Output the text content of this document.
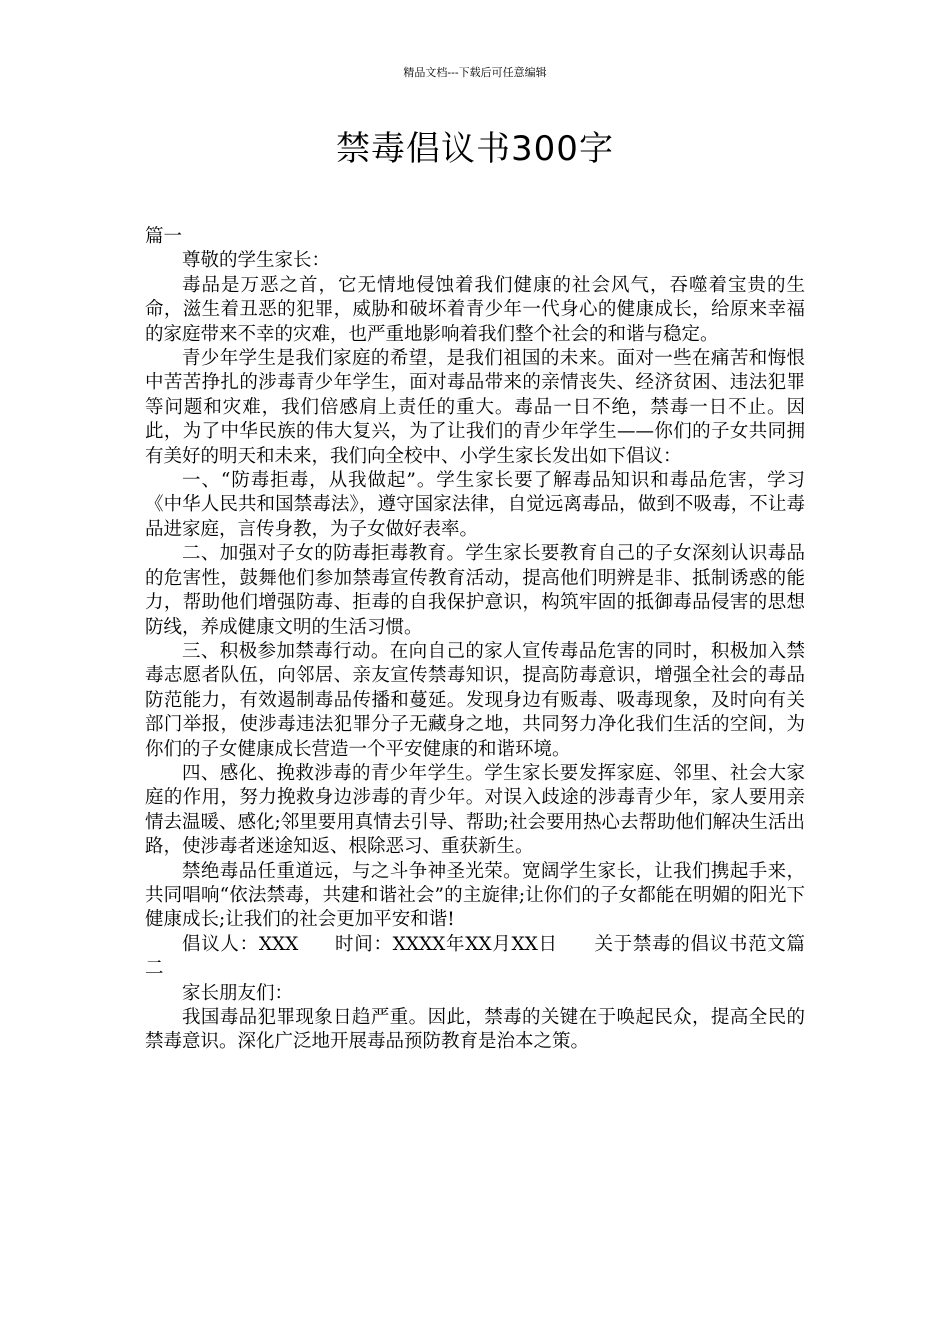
精品文档---下载后可任意编辑
禁毒倡议书300字

篇一

尊敬的学生家长：

毒品是万恶之首，它无情地侵蚀着我们健康的社会风气，吞噬着宝贵的生命，滋生着丑恶的犯罪，威胁和破坏着青少年一代身心的健康成长，给原来幸福的家庭带来不幸的灾难，也严重地影响着我们整个社会的和谐与稳定。

青少年学生是我们家庭的希望，是我们祖国的未来。面对一些在痛苦和悔恨中苦苦挣扎的涉毒青少年学生，面对毒品带来的亲情丧失、经济贫困、违法犯罪等问题和灾难，我们倍感肩上责任的重大。毒品一日不绝，禁毒一日不止。因此，为了中华民族的伟大复兴，为了让我们的青少年学生——你们的子女共同拥有美好的明天和未来，我们向全校中、小学生家长发出如下倡议：

一、“防毒拒毒，从我做起”。学生家长要了解毒品知识和毒品危害，学习《中华人民共和国禁毒法》，遵守国家法律，自觉远离毒品，做到不吸毒，不让毒品进家庭，言传身教，为子女做好表率。

二、加强对子女的防毒拒毒教育。学生家长要教育自己的子女深刻认识毒品的危害性，鼓舞他们参加禁毒宣传教育活动，提高他们明辨是非、抵制诱惑的能力，帮助他们增强防毒、拒毒的自我保护意识，构筑牢固的抵御毒品侵害的思想防线，养成健康文明的生活习惯。

三、积极参加禁毒行动。在向自己的家人宣传毒品危害的同时，积极加入禁毒志愿者队伍，向邻居、亲友宣传禁毒知识，提高防毒意识，增强全社会的毒品防范能力，有效遏制毒品传播和蔓延。发现身边有贩毒、吸毒现象，及时向有关部门举报，使涉毒违法犯罪分子无藏身之地，共同努力净化我们生活的空间，为你们的子女健康成长营造一个平安健康的和谐环境。

四、感化、挽救涉毒的青少年学生。学生家长要发挥家庭、邻里、社会大家庭的作用，努力挽救身边涉毒的青少年。对误入歧途的涉毒青少年，家人要用亲情去温暖、感化;邻里要用真情去引导、帮助;社会要用热心去帮助他们解决生活出路，使涉毒者迷途知返、根除恶习、重获新生。

禁绝毒品任重道远，与之斗争神圣光荣。宽阔学生家长，让我们携起手来，共同唱响“依法禁毒，共建和谐社会”的主旋律;让你们的子女都能在明媚的阳光下健康成长;让我们的社会更加平安和谐!

倡议人：XXX 时间：XXXX年XX月XX日 关于禁毒的倡议书范文篇二

家长朋友们：

我国毒品犯罪现象日趋严重。因此，禁毒的关键在于唤起民众，提高全民的禁毒意识。深化广泛地开展毒品预防教育是治本之策。
